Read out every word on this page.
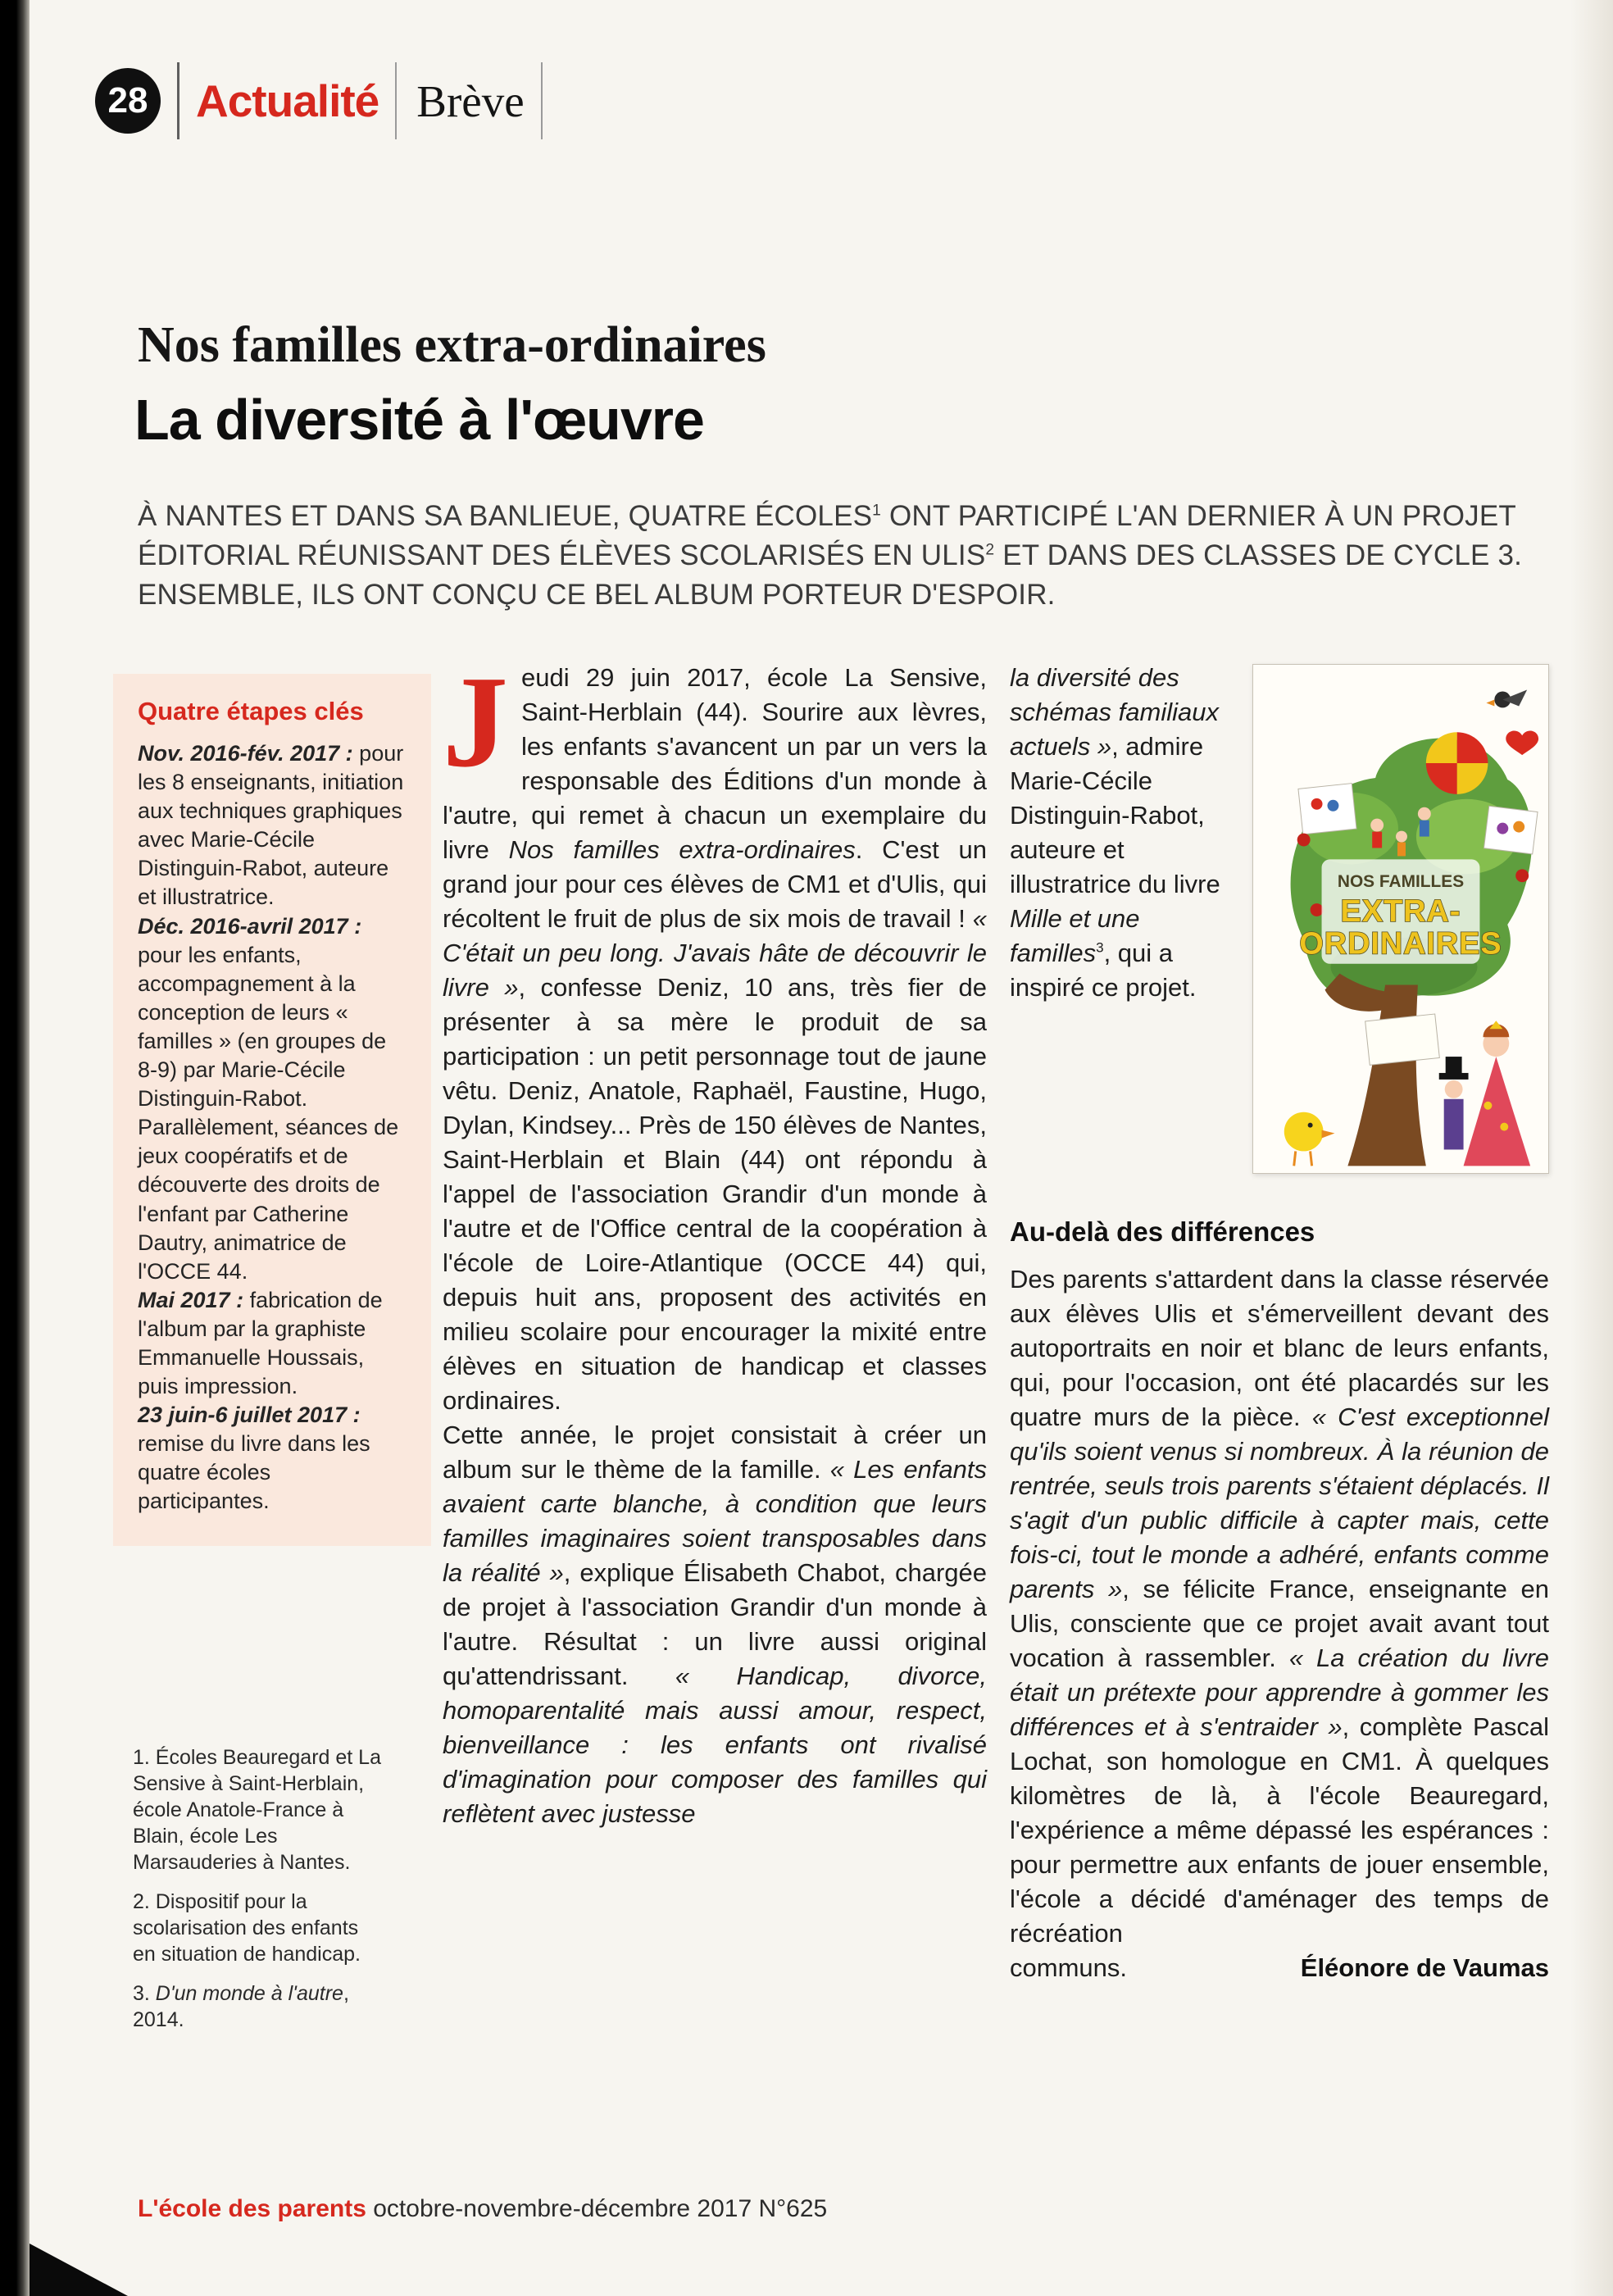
28 Actualité Brève
Nos familles extra-ordinaires
La diversité à l'œuvre

À NANTES ET DANS SA BANLIEUE, QUATRE ÉCOLES$^1$ ONT PARTICIPÉ L'AN DERNIER À UN PROJET ÉDITORIAL RÉUNISSANT DES ÉLÈVES SCOLARISÉS EN ULIS$^2$ ET DANS DES CLASSES DE CYCLE 3. ENSEMBLE, ILS ONT CONÇU CE BEL ALBUM PORTEUR D'ESPOIR.

Quatre étapes clés

Nov. 2016-fév. 2017 : pour les 8 enseignants, initiation aux techniques graphiques avec Marie-Cécile Distinguin-Rabot, auteure et illustratrice.

Déc. 2016-avril 2017 : pour les enfants, accompagnement à la conception de leurs « familles » (en groupes de 8-9) par Marie-Cécile Distinguin-Rabot. Parallèlement, séances de jeux coopératifs et de découverte des droits de l'enfant par Catherine Dautry, animatrice de l'OCCE 44.

Mai 2017 : fabrication de l'album par la graphiste Emmanuelle Houssais, puis impression.

23 juin-6 juillet 2017 : remise du livre dans les quatre écoles participantes.

1. Écoles Beauregard et La Sensive à Saint-Herblain, école Anatole-France à Blain, école Les Marsauderies à Nantes.

2. Dispositif pour la scolarisation des enfants en situation de handicap.

3. D'un monde à l'autre, 2014.

J eudi 29 juin 2017, école La Sensive, Saint-Herblain (44). Sourire aux lèvres, les enfants s'avancent un par un vers la responsable des Éditions d'un monde à l'autre, qui remet à chacun un exemplaire du livre Nos familles extra-ordinaires. C'est un grand jour pour ces élèves de CM1 et d'Ulis, qui récoltent le fruit de plus de six mois de travail ! « C'était un peu long. J'avais hâte de découvrir le livre », confesse Deniz, 10 ans, très fier de présenter à sa mère le produit de sa participation : un petit personnage tout de jaune vêtu. Deniz, Anatole, Raphaël, Faustine, Hugo, Dylan, Kindsey... Près de 150 élèves de Nantes, Saint-Herblain et Blain (44) ont répondu à l'appel de l'association Grandir d'un monde à l'autre et de l'Office central de la coopération à l'école de Loire-Atlantique (OCCE 44) qui, depuis huit ans, proposent des activités en milieu scolaire pour encourager la mixité entre élèves en situation de handicap et classes ordinaires.

Cette année, le projet consistait à créer un album sur le thème de la famille. « Les enfants avaient carte blanche, à condition que leurs familles imaginaires soient transposables dans la réalité », explique Élisabeth Chabot, chargée de projet à l'association Grandir d'un monde à l'autre. Résultat : un livre aussi original qu'attendrissant. « Handicap, divorce, homoparentalité mais aussi amour, respect, bienveillance : les enfants ont rivalisé d'imagination pour composer des familles qui reflètent avec justesse

NOS FAMILLES
EXTRA-
ORDINAIRES

la diversité des schémas familiaux actuels », admire Marie-Cécile Distinguin-Rabot, auteure et illustratrice du livre Mille et une familles$^3$, qui a inspiré ce projet.

Au-delà des différences

Des parents s'attardent dans la classe réservée aux élèves Ulis et s'émerveillent devant des autoportraits en noir et blanc de leurs enfants, qui, pour l'occasion, ont été placardés sur les quatre murs de la pièce. « C'est exceptionnel qu'ils soient venus si nombreux. À la réunion de rentrée, seuls trois parents s'étaient déplacés. Il s'agit d'un public difficile à capter mais, cette fois-ci, tout le monde a adhéré, enfants comme parents », se félicite France, enseignante en Ulis, consciente que ce projet avait avant tout vocation à rassembler. « La création du livre était un prétexte pour apprendre à gommer les différences et à s'entraider », complète Pascal Lochat, son homologue en CM1. À quelques kilomètres de là, à l'école Beauregard, l'expérience a même dépassé les espérances : pour permettre aux enfants de jouer ensemble, l'école a décidé d'aménager des temps de récréation

communs.	Éléonore de Vaumas
L'école des parents octobre-novembre-décembre 2017 N°625
